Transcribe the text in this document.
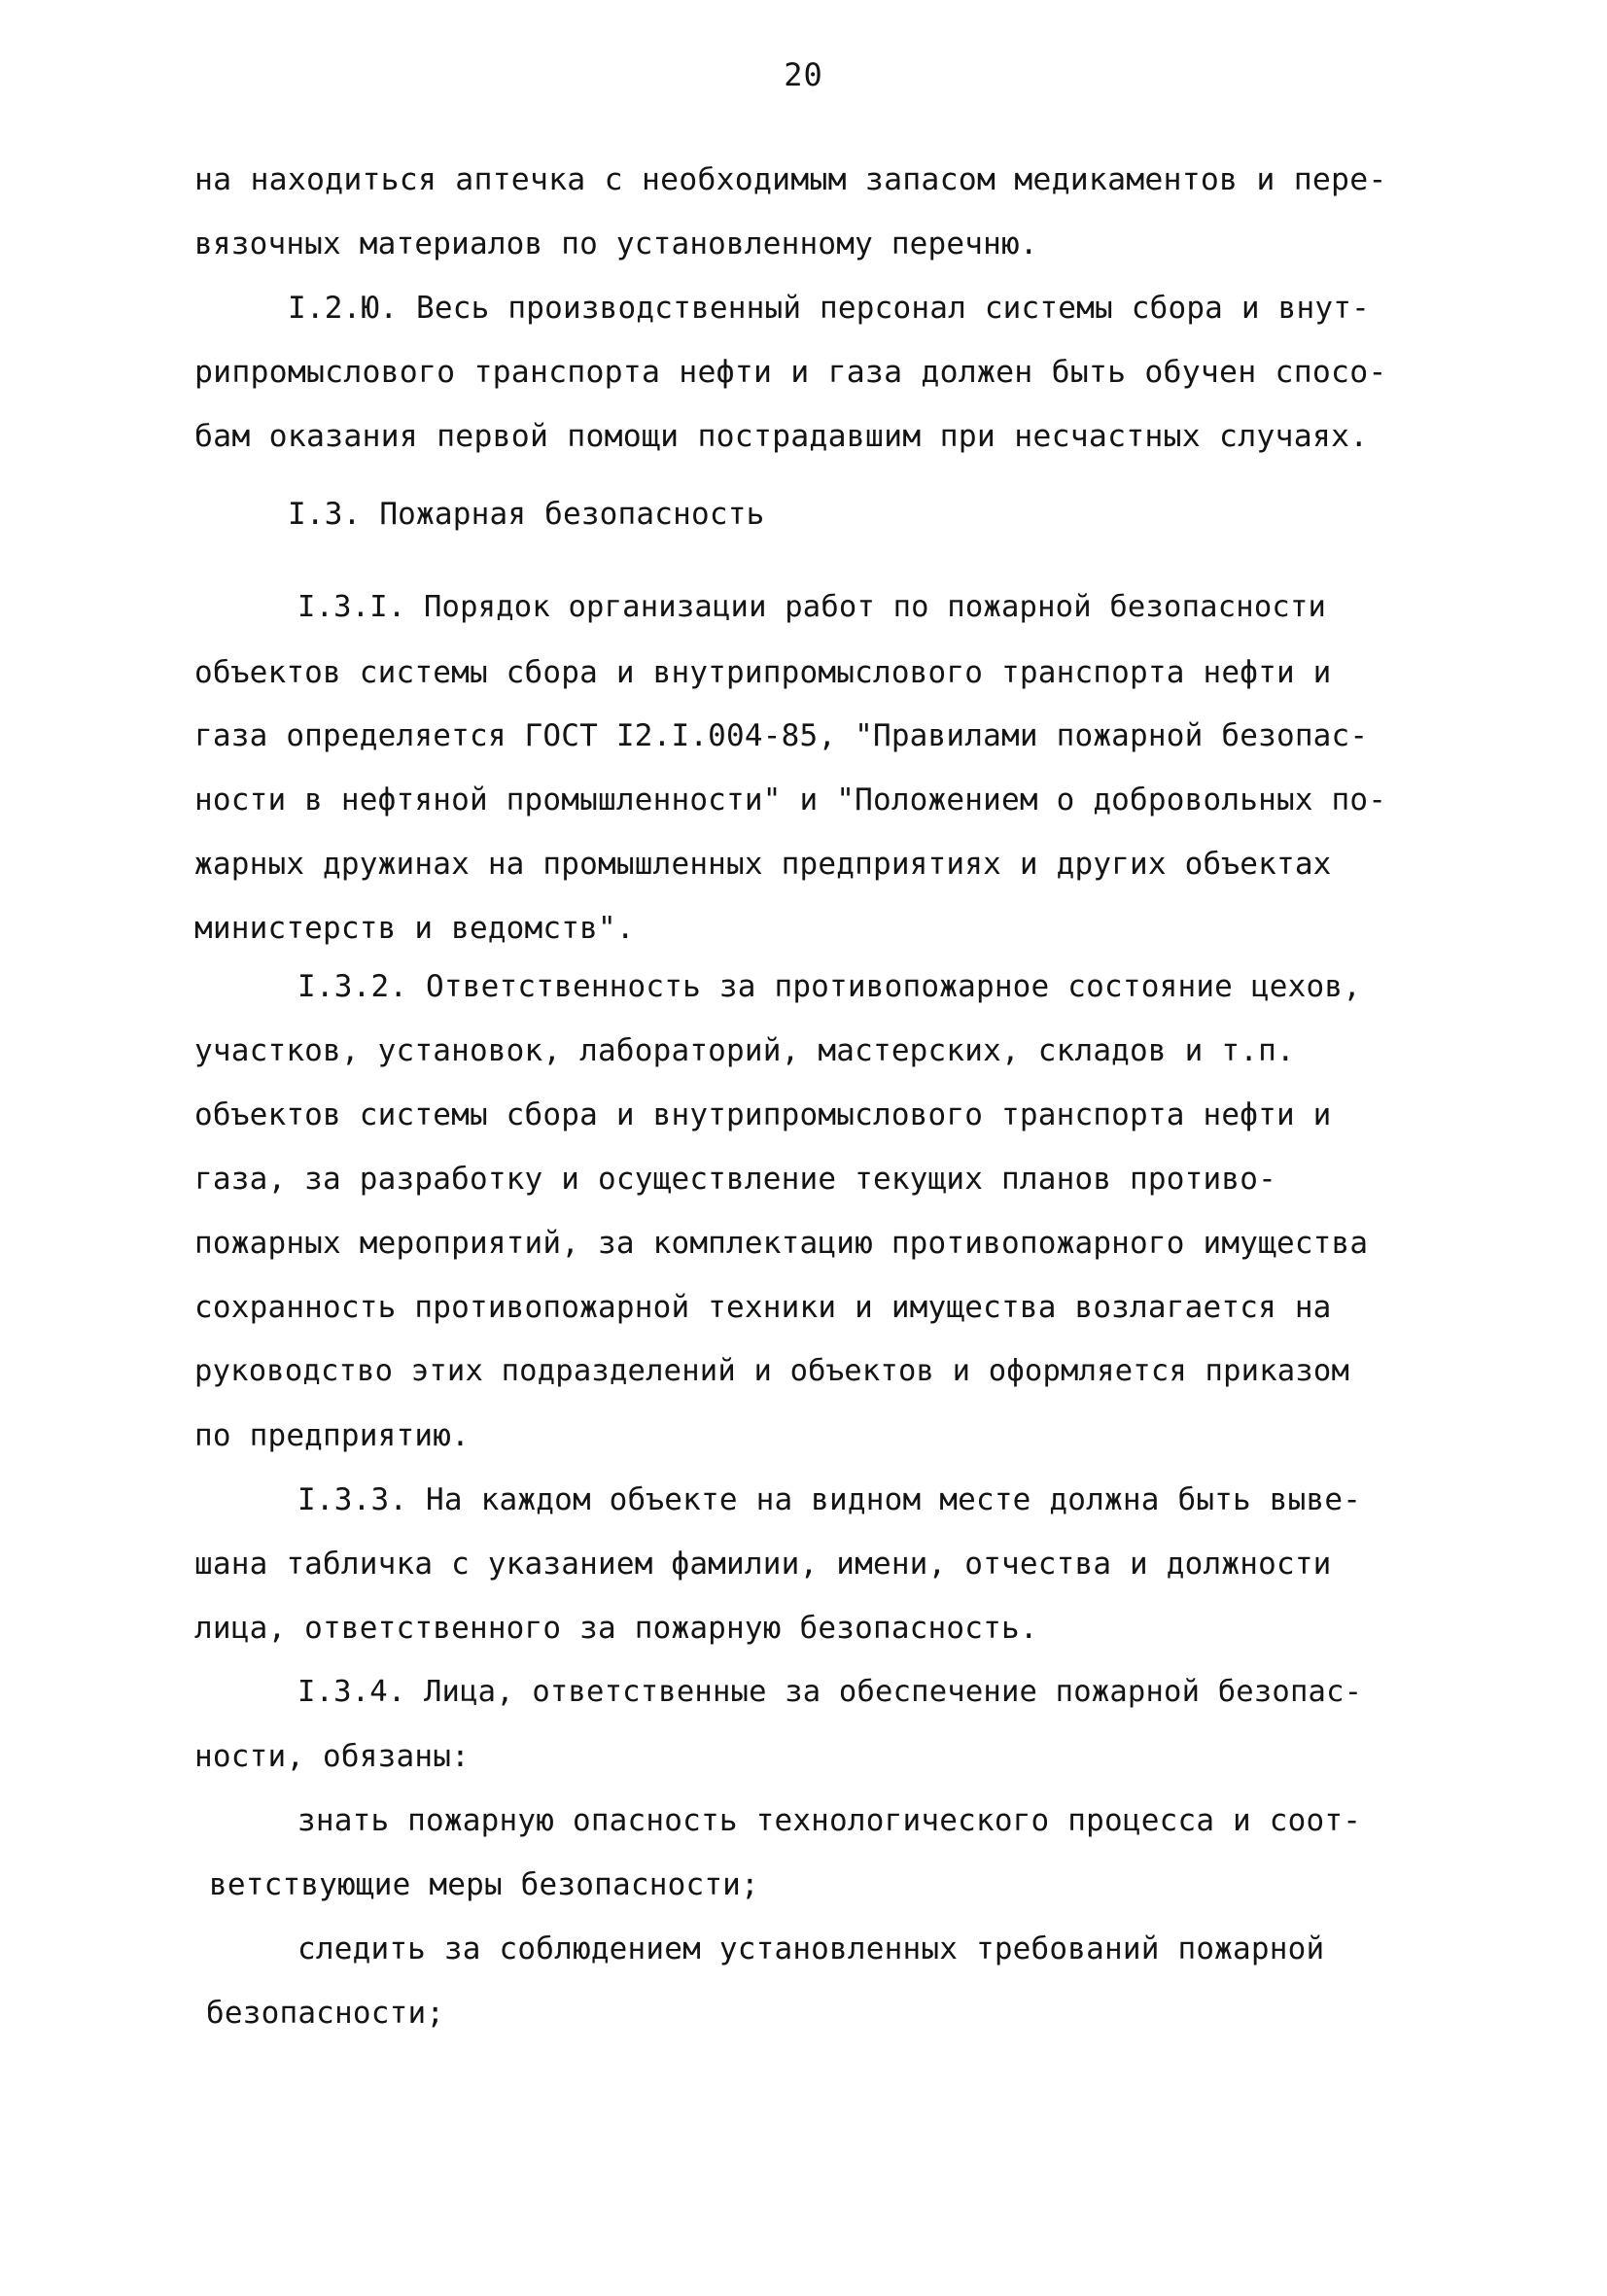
20
на находиться аптечка с необходимым запасом медикаментов и пере-
вязочных материалов по установленному перечню.
I.2.Ю. Весь производственный персонал системы сбора и внут-
рипромыслового транспорта нефти и газа должен быть обучен спосо-
бам оказания первой помощи пострадавшим при несчастных случаях.
I.3. Пожарная безопасность
I.3.I. Порядок организации работ по пожарной безопасности
объектов системы сбора и внутрипромыслового транспорта нефти и
газа определяется ГОСТ I2.I.004-85, "Правилами пожарной безопас-
ности в нефтяной промышленности" и "Положением о добровольных по-
жарных дружинах на промышленных предприятиях и других объектах
министерств и ведомств".
I.3.2. Ответственность за противопожарное состояние цехов,
участков, установок, лабораторий, мастерских, складов и т.п.
объектов системы сбора и внутрипромыслового транспорта нефти и
газа, за разработку и осуществление текущих планов противо-
пожарных мероприятий, за комплектацию противопожарного имущества
сохранность противопожарной техники и имущества возлагается на
руководство этих подразделений и объектов и оформляется приказом
по предприятию.
I.3.3. На каждом объекте на видном месте должна быть выве-
шана табличка с указанием фамилии, имени, отчества и должности
лица, ответственного за пожарную безопасность.
I.3.4. Лица, ответственные за обеспечение пожарной безопас-
ности, обязаны:
знать пожарную опасность технологического процесса и соот-
ветствующие меры безопасности;
следить за соблюдением установленных требований пожарной
безопасности;
